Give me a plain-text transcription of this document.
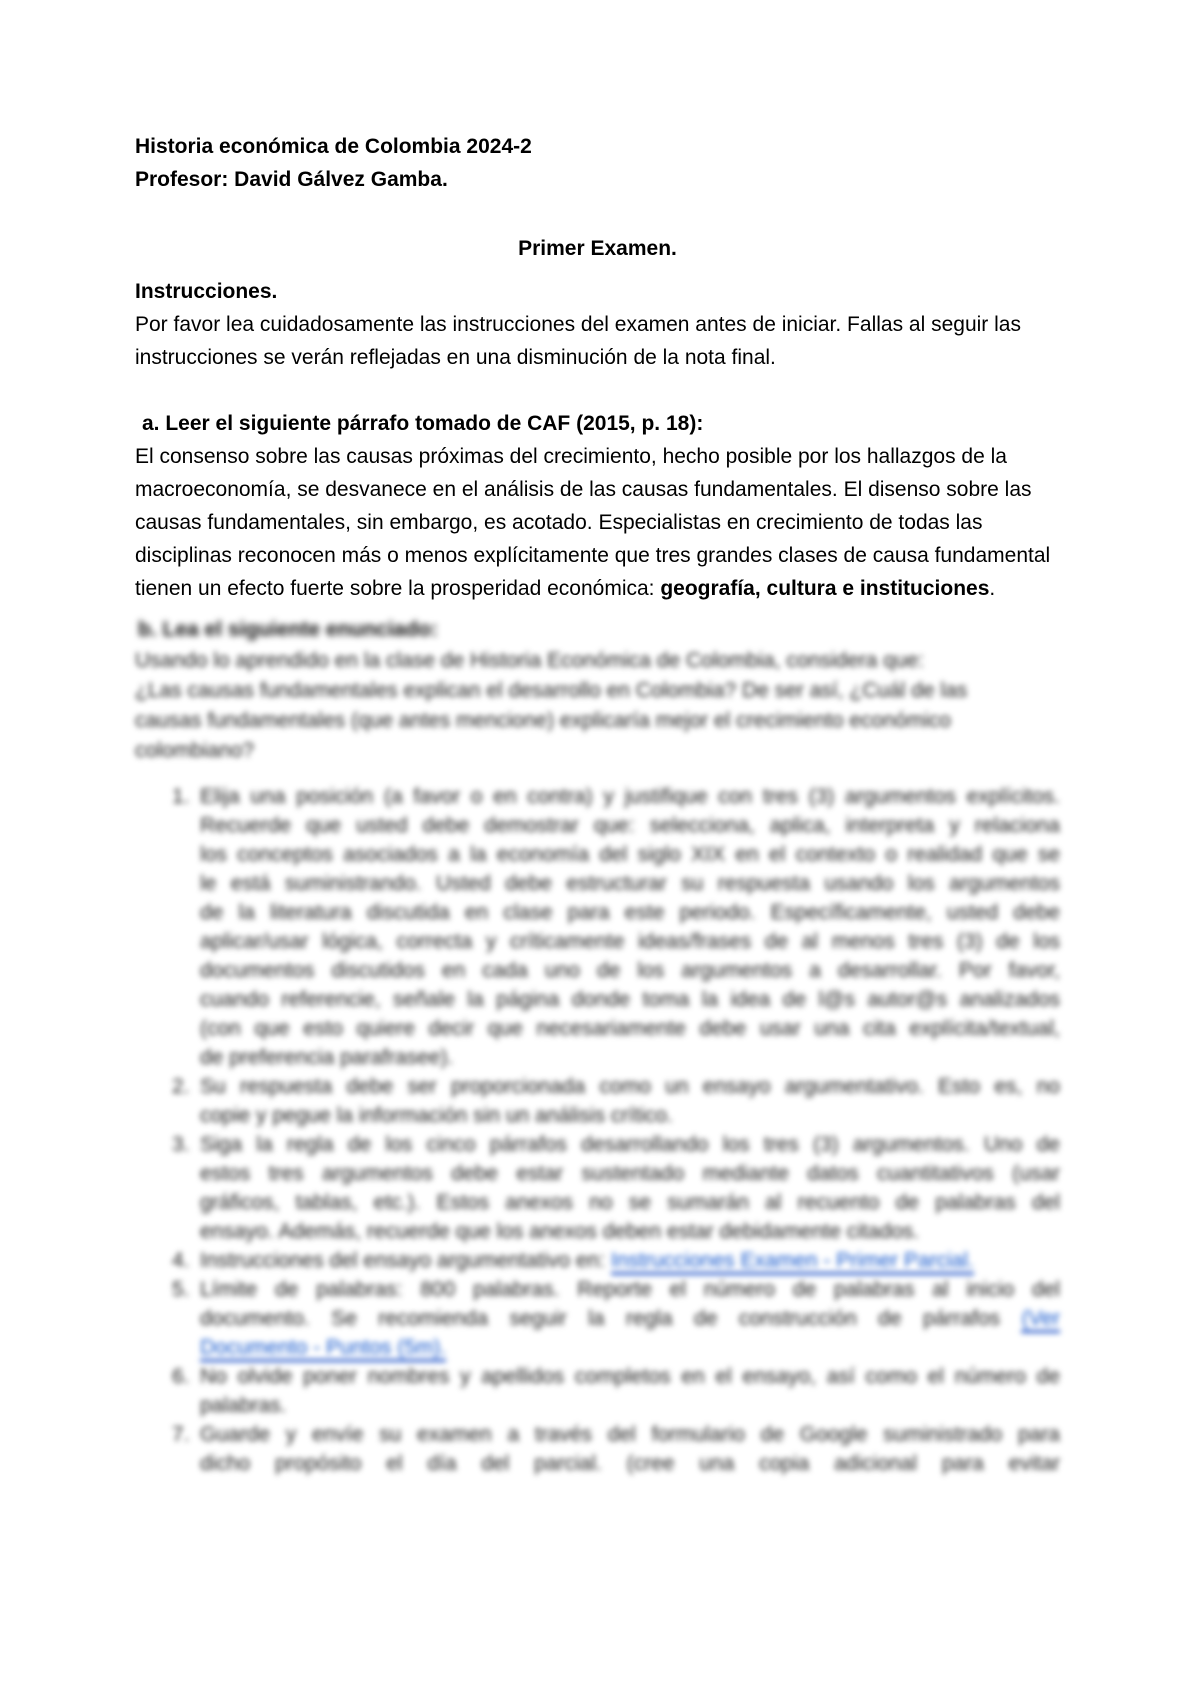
Historia económica de Colombia 2024-2
Profesor: David Gálvez Gamba.
Primer Examen.
Instrucciones.
Por favor lea cuidadosamente las instrucciones del examen antes de iniciar. Fallas al seguir las instrucciones se verán reflejadas en una disminución de la nota final.
a. Leer el siguiente párrafo tomado de CAF (2015, p. 18):
El consenso sobre las causas próximas del crecimiento, hecho posible por los hallazgos de la macroeconomía, se desvanece en el análisis de las causas fundamentales. El disenso sobre las causas fundamentales, sin embargo, es acotado. Especialistas en crecimiento de todas las disciplinas reconocen más o menos explícitamente que tres grandes clases de causa fundamental tienen un efecto fuerte sobre la prosperidad económica: geografía, cultura e instituciones.
b. Lea el siguiente enunciado:
Usando lo aprendido en la clase de Historia Económica de Colombia, considera que:
¿Las causas fundamentales explican el desarrollo en Colombia? De ser así, ¿Cuál de las
causas fundamentales (que antes mencione) explicaría mejor el crecimiento económico
colombiano?
1. Elija una posición (a favor o en contra) y justifique con tres (3) argumentos explícitos.
Recuerde que usted debe demostrar que: selecciona, aplica, interpreta y relaciona
los conceptos asociados a la economía del siglo XIX en el contexto o realidad que se
le está suministrando. Usted debe estructurar su respuesta usando los argumentos
de la literatura discutida en clase para este periodo. Específicamente, usted debe
aplicar/usar lógica, correcta y críticamente ideas/frases de al menos tres (3) de los
documentos discutidos en cada uno de los argumentos a desarrollar. Por favor,
cuando referencie, señale la página donde toma la idea de l@s autor@s analizados
(con que esto quiere decir que necesariamente debe usar una cita explícita/textual,
de preferencia parafrasee).
2. Su respuesta debe ser proporcionada como un ensayo argumentativo. Esto es, no
copie y pegue la información sin un análisis crítico.
3. Siga la regla de los cinco párrafos desarrollando los tres (3) argumentos. Uno de
estos tres argumentos debe estar sustentado mediante datos cuantitativos (usar
gráficos, tablas, etc.). Estos anexos no se sumarán al recuento de palabras del
ensayo. Además, recuerde que los anexos deben estar debidamente citados.
4. Instrucciones del ensayo argumentativo en: Instrucciones Examen - Primer Parcial.
5. Límite de palabras: 800 palabras. Reporte el número de palabras al inicio del
documento. Se recomienda seguir la regla de construcción de párrafos (Ver
Documento - Puntos (5m).
6. No olvide poner nombres y apellidos completos en el ensayo, así como el número de
palabras.
7. Guarde y envíe su examen a través del formulario de Google suministrado para
dicho propósito el día del parcial. (cree una copia adicional para evitar
